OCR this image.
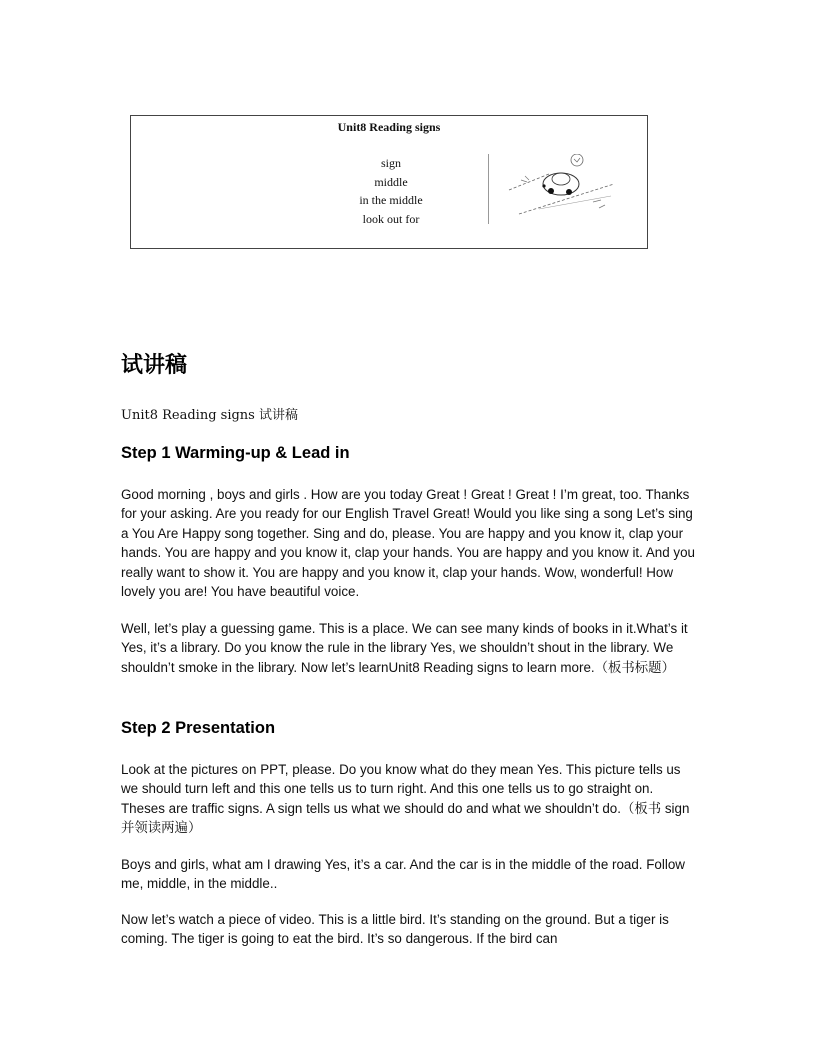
Unit8 Reading signs
sign
middle
in the middle
look out for
试讲稿
Unit8 Reading signs 试讲稿
Step 1 Warming-up & Lead in
Good morning , boys and girls . How are you today Great ! Great ! Great ! I’m great, too. Thanks for your asking. Are you ready for our English Travel Great! Would you like sing a song Let’s sing a You Are Happy song together. Sing and do, please. You are happy and you know it, clap your hands. You are happy and you know it, clap your hands. You are happy and you know it. And you really want to show it. You are happy and you know it, clap your hands. Wow, wonderful! How lovely you are! You have beautiful voice.
Well, let’s play a guessing game. This is a place. We can see many kinds of books in it.What’s it Yes, it’s a library. Do you know the rule in the library Yes, we shouldn’t shout in the library. We shouldn’t smoke in the library. Now let’s learnUnit8 Reading signs to learn more.（板书标题）
Step 2 Presentation
Look at the pictures on PPT, please. Do you know what do they mean Yes. This picture tells us we should turn left and this one tells us to turn right. And this one tells us to go straight on. Theses are traffic signs. A sign tells us what we should do and what we shouldn’t do.（板书 sign 并领读两遍）
Boys and girls, what am I drawing Yes, it’s a car. And the car is in the middle of the road. Follow me, middle, in the middle..
Now let’s watch a piece of video. This is a little bird. It’s standing on the ground. But a tiger is coming. The tiger is going to eat the bird. It’s so dangerous. If the bird can
